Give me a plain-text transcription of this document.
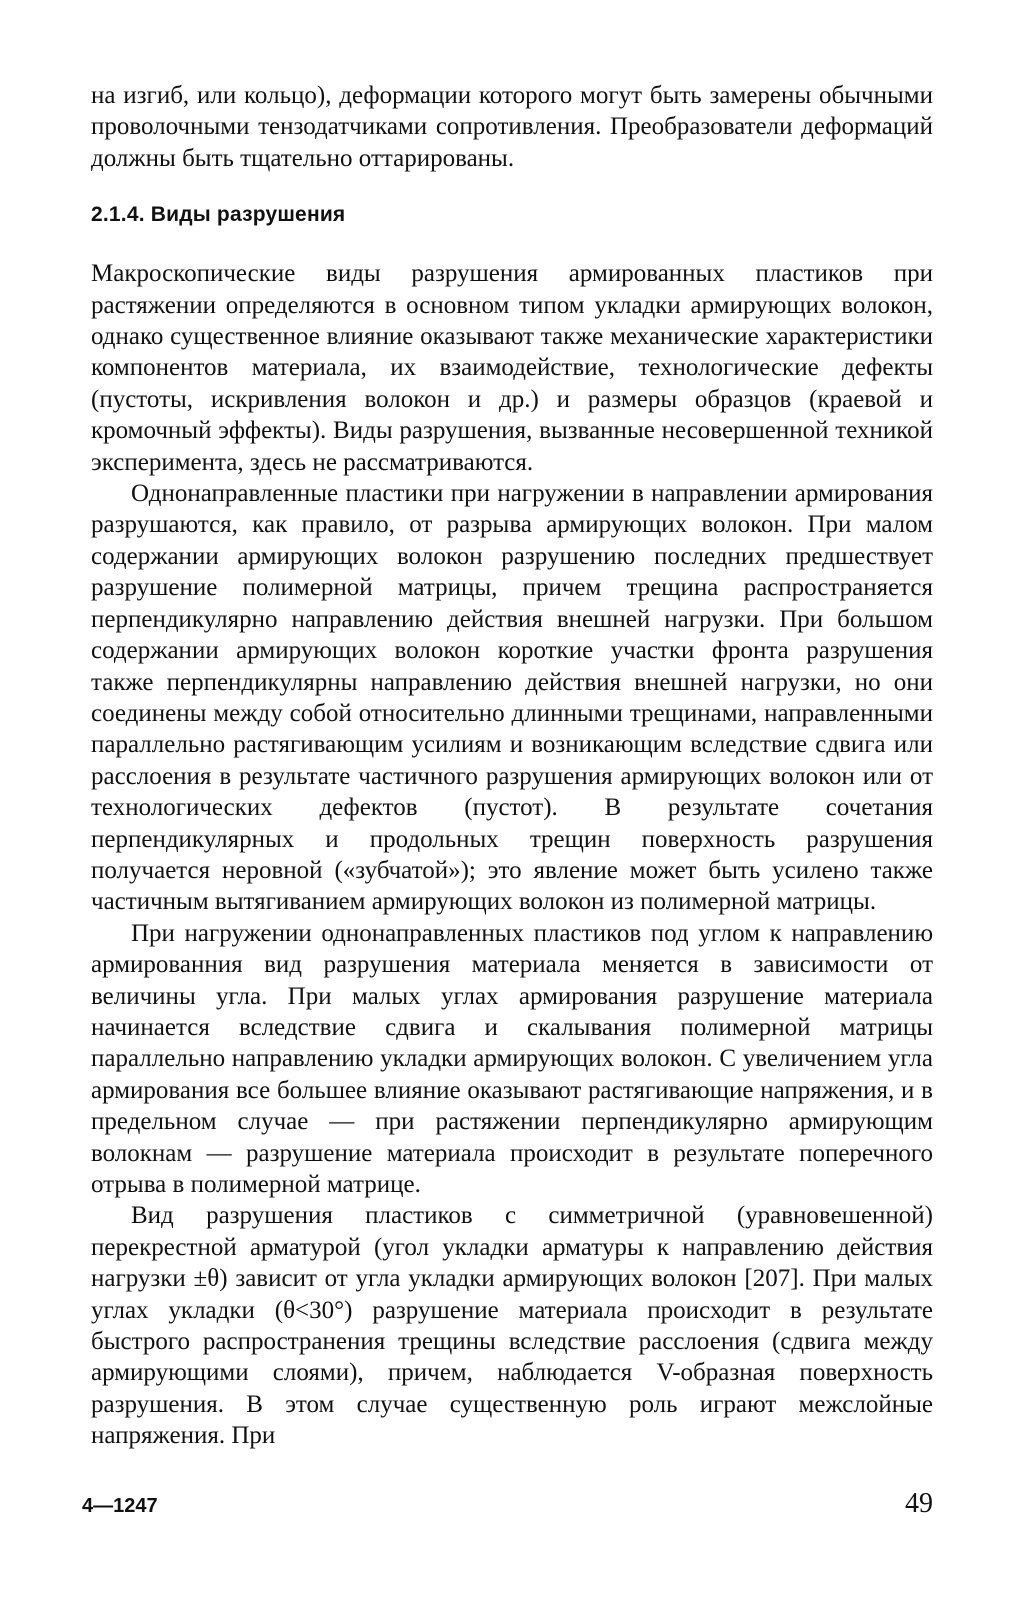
на изгиб, или кольцо), деформации которого могут быть замерены обычными проволочными тензодатчиками сопротивления. Преобразователи деформаций должны быть тщательно оттарированы.

2.1.4. Виды разрушения

Макроскопические виды разрушения армированных пластиков при растяжении определяются в основном типом укладки армирующих волокон, однако существенное влияние оказывают также механические характеристики компонентов материала, их взаимодействие, технологические дефекты (пустоты, искривления волокон и др.) и размеры образцов (краевой и кромочный эффекты). Виды разрушения, вызванные несовершенной техникой эксперимента, здесь не рассматриваются.

Однонаправленные пластики при нагружении в направлении армирования разрушаются, как правило, от разрыва армирующих волокон. При малом содержании армирующих волокон разрушению последних предшествует разрушение полимерной матрицы, причем трещина распространяется перпендикулярно направлению действия внешней нагрузки. При большом содержании армирующих волокон короткие участки фронта разрушения также перпендикулярны направлению действия внешней нагрузки, но они соединены между собой относительно длинными трещинами, направленными параллельно растягивающим усилиям и возникающим вследствие сдвига или расслоения в результате частичного разрушения армирующих волокон или от технологических дефектов (пустот). В результате сочетания перпендикулярных и продольных трещин поверхность разрушения получается неровной («зубчатой»); это явление может быть усилено также частичным вытягиванием армирующих волокон из полимерной матрицы.

При нагружении однонаправленных пластиков под углом к направлению армированния вид разрушения материала меняется в зависимости от величины угла. При малых углах армирования разрушение материала начинается вследствие сдвига и скалывания полимерной матрицы параллельно направлению укладки армирующих волокон. С увеличением угла армирования все большее влияние оказывают растягивающие напряжения, и в предельном случае — при растяжении перпендикулярно армирующим волокнам — разрушение материала происходит в результате поперечного отрыва в полимерной матрице.

Вид разрушения пластиков с симметричной (уравновешенной) перекрестной арматурой (угол укладки арматуры к направлению действия нагрузки ±θ) зависит от угла укладки армирующих волокон [207]. При малых углах укладки (θ<30°) разрушение материала происходит в результате быстрого распространения трещины вследствие расслоения (сдвига между армирующими слоями), причем, наблюдается V-образная поверхность разрушения. В этом случае существенную роль играют межслойные напряжения. При

4—1247	49
